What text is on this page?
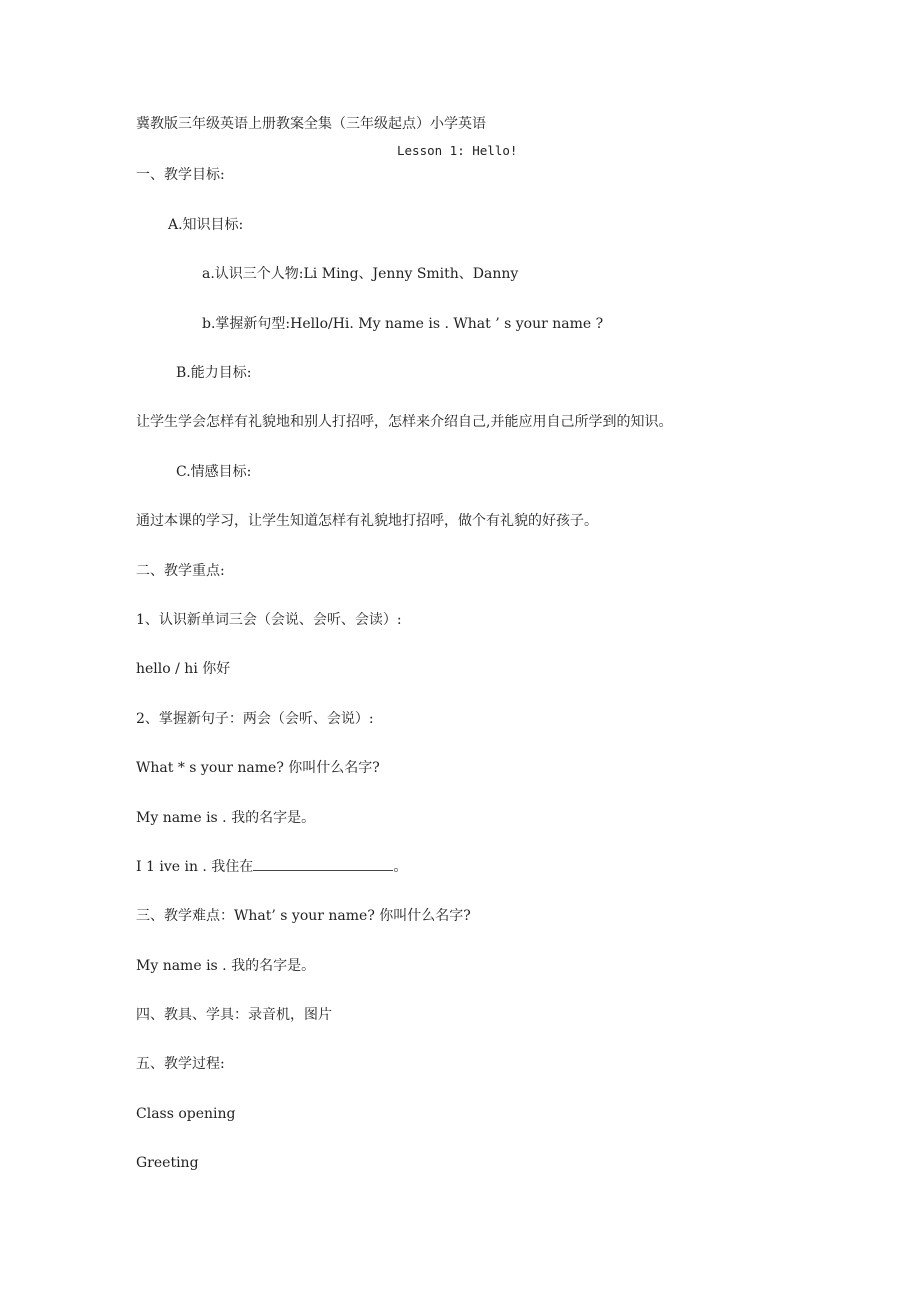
冀教版三年级英语上册教案全集（三年级起点）小学英语

Lesson 1: Hello!

一、教学目标:

A.知识目标:

a.认识三个人物:Li Ming、Jenny Smith、Danny

b.掌握新句型:Hello/Hi. My name is . What ’ s your name ?

B.能力目标:

让学生学会怎样有礼貌地和别人打招呼，怎样来介绍自己,并能应用自己所学到的知识。

C.情感目标:

通过本课的学习，让学生知道怎样有礼貌地打招呼，做个有礼貌的好孩子。

二、教学重点:

1、认识新单词三会（会说、会听、会读）:

hello / hi 你好

2、掌握新句子：两会（会听、会说）:

What * s your name? 你叫什么名字?

My name is . 我的名字是。

I 1 ive in . 我住在	。

三、教学难点：What’ s your name? 你叫什么名字?

My name is . 我的名字是。

四、教具、学具：录音机，图片

五、教学过程:

Class opening

Greeting
